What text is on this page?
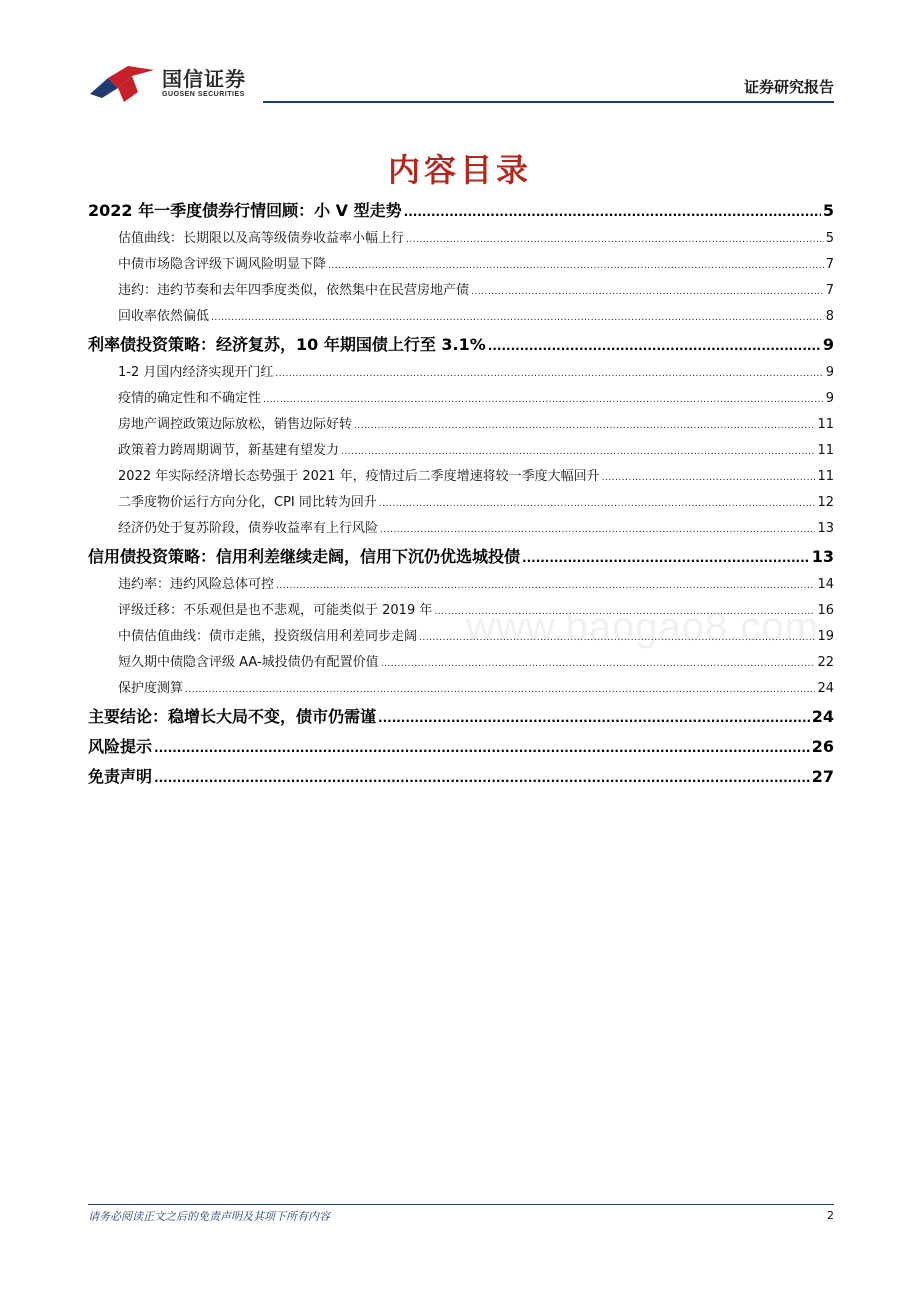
国信证券
GUOSEN SECURITIES	证券研究报告
内容目录
2022 年一季度债券行情回顾：小 V 型走势 .....	5
估值曲线：长期限以及高等级债券收益率小幅上行 .....	5
中债市场隐含评级下调风险明显下降 .....	7
违约：违约节奏和去年四季度类似，依然集中在民营房地产债 .....	7
回收率依然偏低 .....	8
利率债投资策略：经济复苏，10 年期国债上行至 3.1% .....	9
1-2 月国内经济实现开门红 .....	9
疫情的确定性和不确定性 .....	9
房地产调控政策边际放松，销售边际好转 .....	11
政策着力跨周期调节，新基建有望发力 .....	11
2022 年实际经济增长态势强于 2021 年，疫情过后二季度增速将较一季度大幅回升 .....	11
二季度物价运行方向分化，CPI 同比转为回升 .....	12
经济仍处于复苏阶段，债券收益率有上行风险 .....	13
信用债投资策略：信用利差继续走阔，信用下沉仍优选城投债 .....	13
违约率：违约风险总体可控 .....	14
评级迁移：不乐观但是也不悲观，可能类似于 2019 年 .....	16
中债估值曲线：债市走熊，投资级信用利差同步走阔 .....	19
短久期中债隐含评级 AA-城投债仍有配置价值 .....	22
保护度测算 .....	24
主要结论：稳增长大局不变，债市仍需谨 .....	24
风险提示 .....	26
免责声明 .....	27
www.baogao8.com
请务必阅读正文之后的免责声明及其项下所有内容	2
